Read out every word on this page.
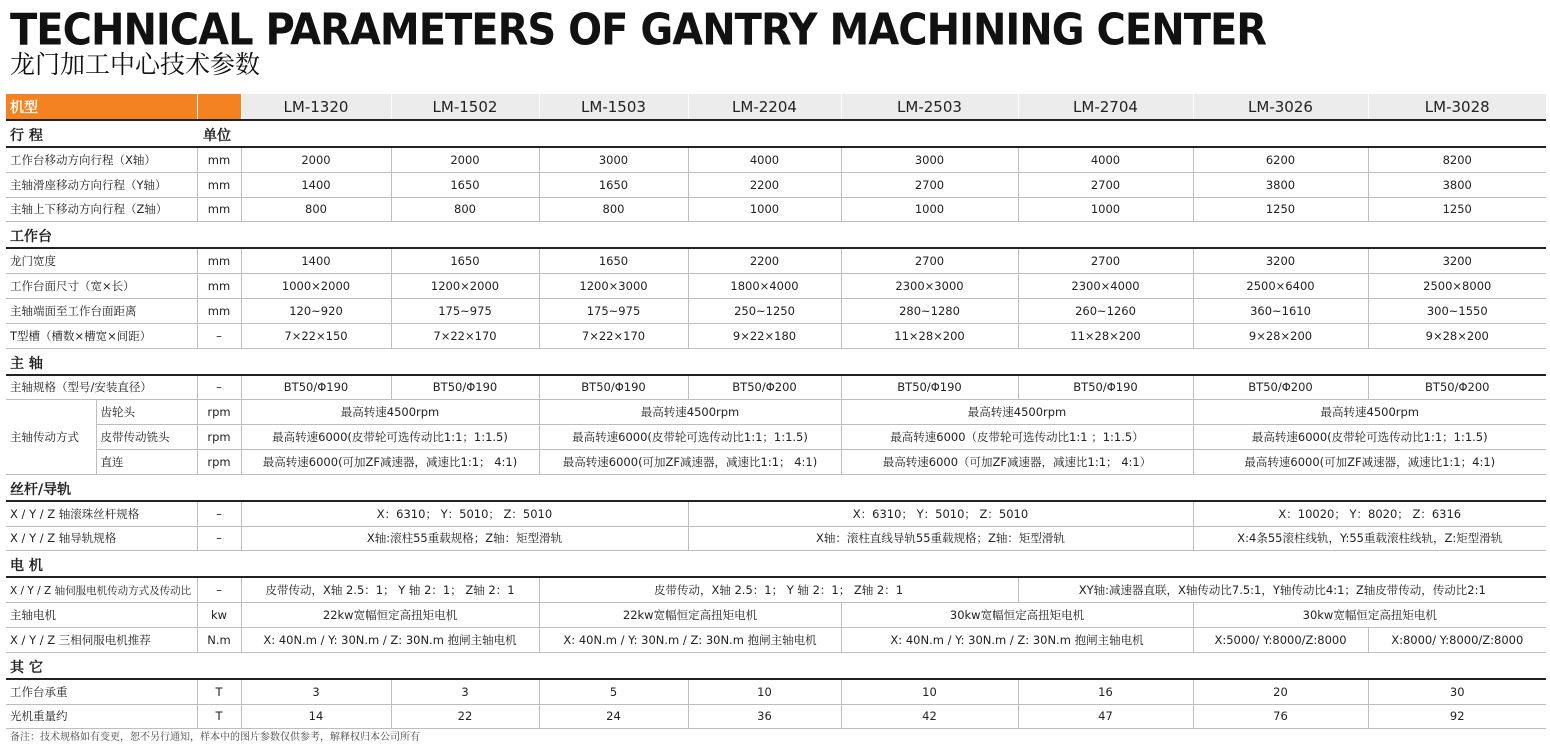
TECHNICAL PARAMETERS OF GANTRY MACHINING CENTER
龙门加工中心技术参数
机型			LM-1320	LM-1502	LM-1503	LM-2204	LM-2503	LM-2704	LM-3026	LM-3028
行 程		单位								
工作台移动方向行程（X轴）		mm	2000	2000	3000	4000	3000	4000	6200	8200
主轴滑座移动方向行程（Y轴）		mm	1400	1650	1650	2200	2700	2700	3800	3800
主轴上下移动方向行程（Z轴）		mm	800	800	800	1000	1000	1000	1250	1250
工作台										
龙门宽度		mm	1400	1650	1650	2200	2700	2700	3200	3200
工作台面尺寸（宽×长）		mm	1000×2000	1200×2000	1200×3000	1800×4000	2300×3000	2300×4000	2500×6400	2500×8000
主轴端面至工作台面距离		mm	120~920	175~975	175~975	250~1250	280~1280	260~1260	360~1610	300~1550
T型槽（槽数×槽宽×间距）		–	7×22×150	7×22×170	7×22×170	9×22×180	11×28×200	11×28×200	9×28×200	9×28×200
主 轴										
主轴规格（型号/安装直径）		–	BT50/Φ190	BT50/Φ190	BT50/Φ190	BT50/Φ200	BT50/Φ190	BT50/Φ190	BT50/Φ200	BT50/Φ200
主轴传动方式	齿轮头	rpm	最高转速4500rpm		最高转速4500rpm		最高转速4500rpm		最高转速4500rpm	
	皮带传动铣头	rpm	最高转速6000(皮带轮可选传动比1:1；1:1.5)		最高转速6000(皮带轮可选传动比1:1；1:1.5)		最高转速6000（皮带轮可选传动比1:1 ；1:1.5）		最高转速6000(皮带轮可选传动比1:1；1:1.5)	
	直连	rpm	最高转速6000(可加ZF减速器，减速比1:1； 4:1)		最高转速6000(可加ZF减速器，减速比1:1； 4:1)		最高转速6000（可加ZF减速器，减速比1:1； 4:1）		最高转速6000(可加ZF减速器，减速比1:1；4:1)	
丝杆/导轨										
X / Y / Z 轴滚珠丝杆规格		–	X：6310； Y：5010； Z：5010			X：6310； Y：5010； Z：5010			X：10020； Y：8020； Z：6316	
X / Y / Z 轴导轨规格		–	X轴:滚柱55重载规格；Z轴：矩型滑轨			X轴：滚柱直线导轨55重载规格；Z轴：矩型滑轨			X:4条55滚柱线轨，Y:55重载滚柱线轨，Z:矩型滑轨	
电 机										
X / Y / Z 轴伺服电机传动方式及传动比		–	皮带传动，X轴 2.5：1； Y 轴 2：1； Z轴 2：1		皮带传动，X轴 2.5：1； Y 轴 2：1； Z轴 2：1			XY轴:减速器直联，X轴传动比7.5:1，Y轴传动比4:1；Z轴皮带传动，传动比2:1		
主轴电机		kw	22kw宽幅恒定高扭矩电机		22kw宽幅恒定高扭矩电机		30kw宽幅恒定高扭矩电机		30kw宽幅恒定高扭矩电机	
X / Y / Z 三相伺服电机推荐		N.m	X: 40N.m / Y: 30N.m / Z: 30N.m 抱闸主轴电机		X: 40N.m / Y: 30N.m / Z: 30N.m 抱闸主轴电机		X: 40N.m / Y: 30N.m / Z: 30N.m 抱闸主轴电机		X:5000/ Y:8000/Z:8000	X:8000/ Y:8000/Z:8000
其 它										
工作台承重		T	3	3	5	10	10	16	20	30
光机重量约		T	14	22	24	36	42	47	76	92
备注：技术规格如有变更，恕不另行通知，样本中的图片参数仅供参考，解释权归本公司所有
